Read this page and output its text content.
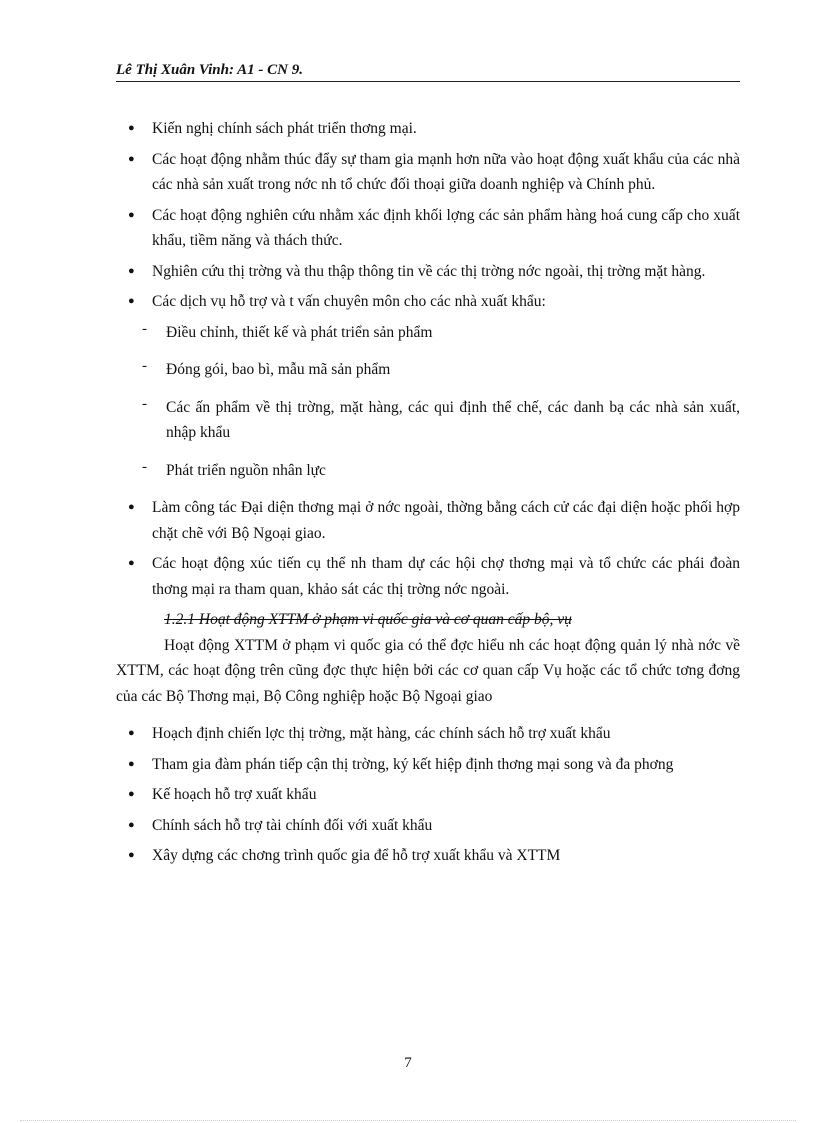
Lê Thị Xuân Vinh: A1 - CN 9.
● Kiến nghị chính sách phát triển thơng mại.
● Các hoạt động nhằm thúc đẩy sự tham gia mạnh hơn nữa vào hoạt động xuất khẩu của các nhà các nhà sản xuất trong nớc nh tổ chức đối thoại giữa doanh nghiệp và Chính phủ.
● Các hoạt động nghiên cứu nhằm xác định khối lợng các sản phẩm hàng hoá cung cấp cho xuất khẩu, tiềm năng và thách thức.
● Nghiên cứu thị trờng và thu thập thông tin về các thị trờng nớc ngoài, thị trờng mặt hàng.
● Các dịch vụ hỗ trợ và t vấn chuyên môn cho các nhà xuất khẩu:
- Điều chỉnh, thiết kế và phát triển sản phẩm
- Đóng gói, bao bì, mẫu mã sản phẩm
- Các ấn phẩm về thị trờng, mặt hàng, các qui định thể chế, các danh bạ các nhà sản xuất, nhập khẩu
- Phát triển nguồn nhân lực
● Làm công tác Đại diện thơng mại ở nớc ngoài, thờng bằng cách cử các đại diện hoặc phối hợp chặt chẽ với Bộ Ngoại giao.
● Các hoạt động xúc tiến cụ thể nh tham dự các hội chợ thơng mại và tổ chức các phái đoàn thơng mại ra tham quan, khảo sát các thị trờng nớc ngoài.
1.2.1 Hoạt động XTTM ở phạm vi quốc gia và cơ quan cấp bộ, vụ

Hoạt động XTTM ở phạm vi quốc gia có thể đợc hiểu nh các hoạt động quản lý nhà nớc về XTTM, các hoạt động trên cũng đợc thực hiện bởi các cơ quan cấp Vụ hoặc các tổ chức tơng đơng của các Bộ Thơng mại, Bộ Công nghiệp hoặc Bộ Ngoại giao

● Hoạch định chiến lợc thị trờng, mặt hàng, các chính sách hỗ trợ xuất khẩu
● Tham gia đàm phán tiếp cận thị trờng, ký kết hiệp định thơng mại song và đa phơng
● Kế hoạch hỗ trợ xuất khẩu
● Chính sách hỗ trợ tài chính đối với xuất khẩu
● Xây dựng các chơng trình quốc gia để hỗ trợ xuất khẩu và XTTM
7
